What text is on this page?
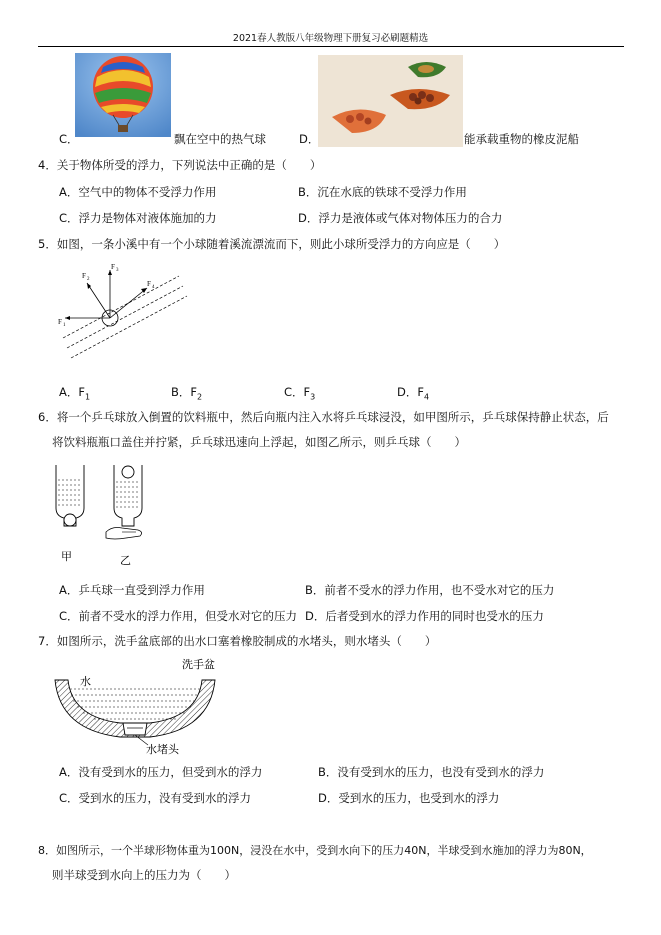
2021春人教版八年级物理下册复习必刷题精选
C．	飘在空中的热气球	D．	能承载重物的橡皮泥船
4．关于物体所受的浮力，下列说法中正确的是（　　）
A．空气中的物体不受浮力作用	B．沉在水底的铁球不受浮力作用
C．浮力是物体对液体施加的力	D．浮力是液体或气体对物体压力的合力
5．如图，一条小溪中有一个小球随着溪流漂流而下，则此小球所受浮力的方向应是（　　）
F 1
F 2
F 3
F 4
A．$F_1$	B．$F_2$	C．$F_3$	D．$F_4$
6．将一个乒乓球放入倒置的饮料瓶中，然后向瓶内注入水将乒乓球浸没，如甲图所示，乒乓球保持静止状态，后
将饮料瓶瓶口盖住并拧紧，乒乓球迅速向上浮起，如图乙所示，则乒乓球（　　）
甲	乙
A．乒乓球一直受到浮力作用	B．前者不受水的浮力作用，也不受水对它的压力
C．前者不受水的浮力作用，但受水对它的压力 D．后者受到水的浮力作用的同时也受水的压力
7．如图所示，洗手盆底部的出水口塞着橡胶制成的水堵头，则水堵头（　　）
水
洗手盆
水堵头
A．没有受到水的压力，但受到水的浮力	B．没有受到水的压力，也没有受到水的浮力
C．受到水的压力，没有受到水的浮力	D．受到水的压力，也受到水的浮力
8．如图所示，一个半球形物体重为100N，浸没在水中，受到水向下的压力40N，半球受到水施加的浮力为80N，
则半球受到水向上的压力为（　　）
